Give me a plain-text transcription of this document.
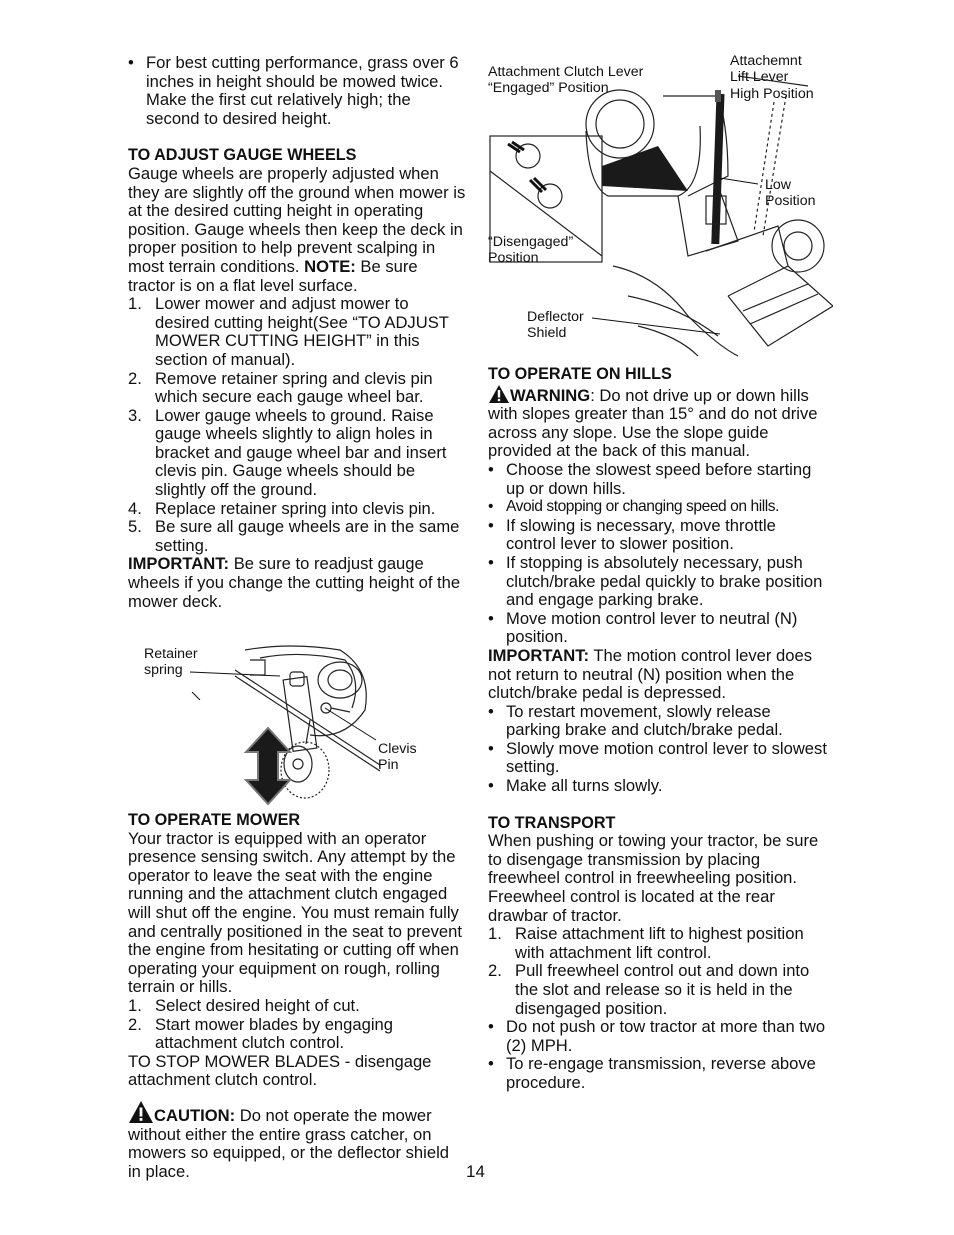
• For best cutting performance, grass over 6 inches in height should be mowed twice. Make the first cut relatively high; the second to desired height.

TO ADJUST GAUGE WHEELS

Gauge wheels are properly adjusted when they are slightly off the ground when mower is at the desired cutting height in operating position. Gauge wheels then keep the deck in proper position to help prevent scalping in most terrain conditions. NOTE: Be sure tractor is on a flat level surface.

1. Lower mower and adjust mower to desired cutting height(See “TO ADJUST MOWER CUTTING HEIGHT” in this section of manual).

2. Remove retainer spring and clevis pin which secure each gauge wheel bar.

3. Lower gauge wheels to ground. Raise gauge wheels slightly to align holes in bracket and gauge wheel bar and insert clevis pin. Gauge wheels should be slightly off the ground.

4. Replace retainer spring into clevis pin.

5. Be sure all gauge wheels are in the same setting.

IMPORTANT: Be sure to readjust gauge wheels if you change the cutting height of the mower deck.

Retainer
spring
Clevis
Pin
TO OPERATE MOWER

Your tractor is equipped with an operator presence sensing switch. Any attempt by the operator to leave the seat with the engine running and the attachment clutch engaged will shut off the engine. You must remain fully and centrally positioned in the seat to prevent the engine from hesitating or cutting off when operating your equipment on rough, rolling terrain or hills.

1. Select desired height of cut.

2. Start mower blades by engaging attachment clutch control.

TO STOP MOWER BLADES - disengage attachment clutch control.

CAUTION: Do not operate the mower without either the entire grass catcher, on mowers so equipped, or the deflector shield in place.

Attachment Clutch Lever
“Engaged” Position
Attachemnt
Lift Lever
High Position
Low
Position
“Disengaged”
Position
Deflector
Shield
TO OPERATE ON HILLS

WARNING: Do not drive up or down hills with slopes greater than 15° and do not drive across any slope. Use the slope guide provided at the back of this manual.

• Choose the slowest speed before starting up or down hills.

• Avoid stopping or changing speed on hills.

• If slowing is necessary, move throttle control lever to slower position.

• If stopping is absolutely necessary, push clutch/brake pedal quickly to brake position and engage parking brake.

• Move motion control lever to neutral (N) position.

IMPORTANT: The motion control lever does not return to neutral (N) position when the clutch/brake pedal is depressed.

• To restart movement, slowly release parking brake and clutch/brake pedal.

• Slowly move motion control lever to slowest setting.

• Make all turns slowly.

TO TRANSPORT

When pushing or towing your tractor, be sure to disengage transmission by placing freewheel control in freewheeling position. Freewheel control is located at the rear drawbar of tractor.

1. Raise attachment lift to highest position with attachment lift control.

2. Pull freewheel control out and down into the slot and release so it is held in the disengaged position.

• Do not push or tow tractor at more than two (2) MPH.

• To re-engage transmission, reverse above procedure.

14
